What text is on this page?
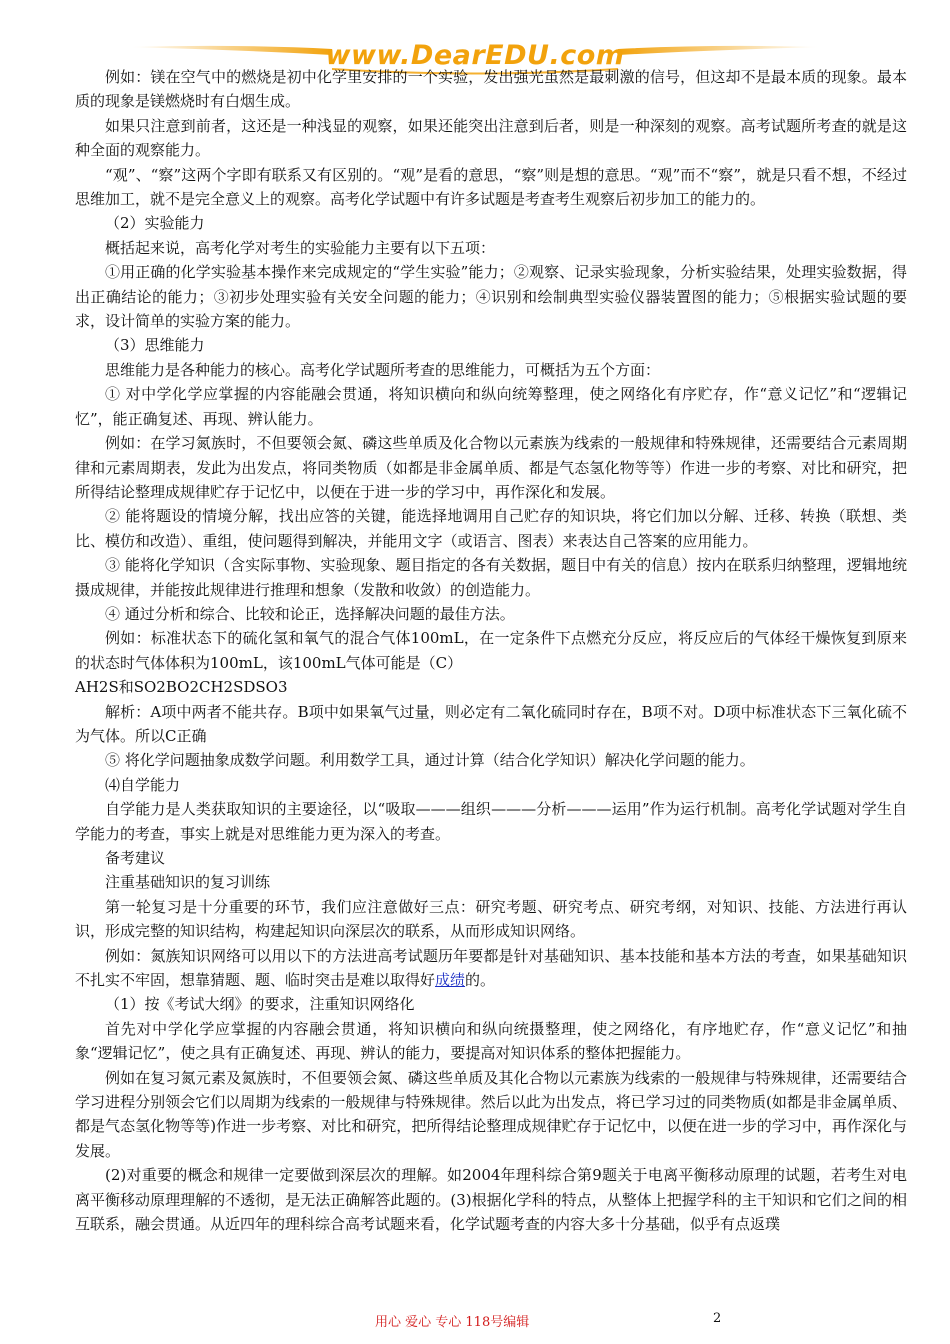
www.DearEDU.com

例如：镁在空气中的燃烧是初中化学里安排的一个实验，发出强光虽然是最刺激的信号，但这却不是最本质的现象。最本质的现象是镁燃烧时有白烟生成。

如果只注意到前者，这还是一种浅显的观察，如果还能突出注意到后者，则是一种深刻的观察。高考试题所考查的就是这种全面的观察能力。

“观”、“察”这两个字即有联系又有区别的。“观”是看的意思，“察”则是想的意思。“观”而不“察”，就是只看不想，不经过思维加工，就不是完全意义上的观察。高考化学试题中有许多试题是考查考生观察后初步加工的能力的。

（2）实验能力

概括起来说，高考化学对考生的实验能力主要有以下五项：

①用正确的化学实验基本操作来完成规定的“学生实验”能力；②观察、记录实验现象，分析实验结果，处理实验数据，得出正确结论的能力；③初步处理实验有关安全问题的能力；④识别和绘制典型实验仪器装置图的能力；⑤根据实验试题的要求，设计简单的实验方案的能力。

（3）思维能力

思维能力是各种能力的核心。高考化学试题所考查的思维能力，可概括为五个方面：

① 对中学化学应掌握的内容能融会贯通，将知识横向和纵向统筹整理，使之网络化有序贮存，作“意义记忆”和“逻辑记忆”，能正确复述、再现、辨认能力。

例如：在学习氮族时，不但要领会氮、磷这些单质及化合物以元素族为线索的一般规律和特殊规律，还需要结合元素周期律和元素周期表，发此为出发点，将同类物质（如都是非金属单质、都是气态氢化物等等）作进一步的考察、对比和研究，把所得结论整理成规律贮存于记忆中，以便在于进一步的学习中，再作深化和发展。

② 能将题设的情境分解，找出应答的关键，能选择地调用自己贮存的知识块，将它们加以分解、迁移、转换（联想、类比、模仿和改造）、重组，使问题得到解决，并能用文字（或语言、图表）来表达自己答案的应用能力。

③ 能将化学知识（含实际事物、实验现象、题目指定的各有关数据，题目中有关的信息）按内在联系归纳整理，逻辑地统摄成规律，并能按此规律进行推理和想象（发散和收敛）的创造能力。

④ 通过分析和综合、比较和论正，选择解决问题的最佳方法。

例如：标准状态下的硫化氢和氧气的混合气体100mL，在一定条件下点燃充分反应，将反应后的气体经干燥恢复到原来的状态时气体体积为100mL，该100mL气体可能是（C）

AH2S和SO2BO2CH2SDSO3

解析：A项中两者不能共存。B项中如果氧气过量，则必定有二氧化硫同时存在，B项不对。D项中标准状态下三氧化硫不为气体。所以C正确

⑤ 将化学问题抽象成数学问题。利用数学工具，通过计算（结合化学知识）解决化学问题的能力。

⑷自学能力

自学能力是人类获取知识的主要途径，以“吸取———组织———分析———运用”作为运行机制。高考化学试题对学生自学能力的考查，事实上就是对思维能力更为深入的考查。

备考建议

注重基础知识的复习训练

第一轮复习是十分重要的环节，我们应注意做好三点：研究考题、研究考点、研究考纲，对知识、技能、方法进行再认识，形成完整的知识结构，构建起知识向深层次的联系，从而形成知识网络。

例如：氮族知识网络可以用以下的方法进高考试题历年要都是针对基础知识、基本技能和基本方法的考查，如果基础知识不扎实不牢固，想靠猜题、题、临时突击是难以取得好成绩的。

（1）按《考试大纲》的要求，注重知识网络化

首先对中学化学应掌握的内容融会贯通，将知识横向和纵向统摄整理，使之网络化，有序地贮存，作“意义记忆”和抽象“逻辑记忆”，使之具有正确复述、再现、辨认的能力，要提高对知识体系的整体把握能力。

例如在复习氮元素及氮族时，不但要领会氮、磷这些单质及其化合物以元素族为线索的一般规律与特殊规律，还需要结合学习进程分别领会它们以周期为线索的一般规律与特殊规律。然后以此为出发点，将已学习过的同类物质(如都是非金属单质、都是气态氢化物等等)作进一步考察、对比和研究，把所得结论整理成规律贮存于记忆中，以便在进一步的学习中，再作深化与发展。

(2)对重要的概念和规律一定要做到深层次的理解。如2004年理科综合第9题关于电离平衡移动原理的试题，若考生对电离平衡移动原理理解的不透彻，是无法正确解答此题的。(3)根据化学科的特点，从整体上把握学科的主干知识和它们之间的相互联系，融会贯通。从近四年的理科综合高考试题来看，化学试题考查的内容大多十分基础，似乎有点返璞

用心 爱心 专心 118号编辑	2
